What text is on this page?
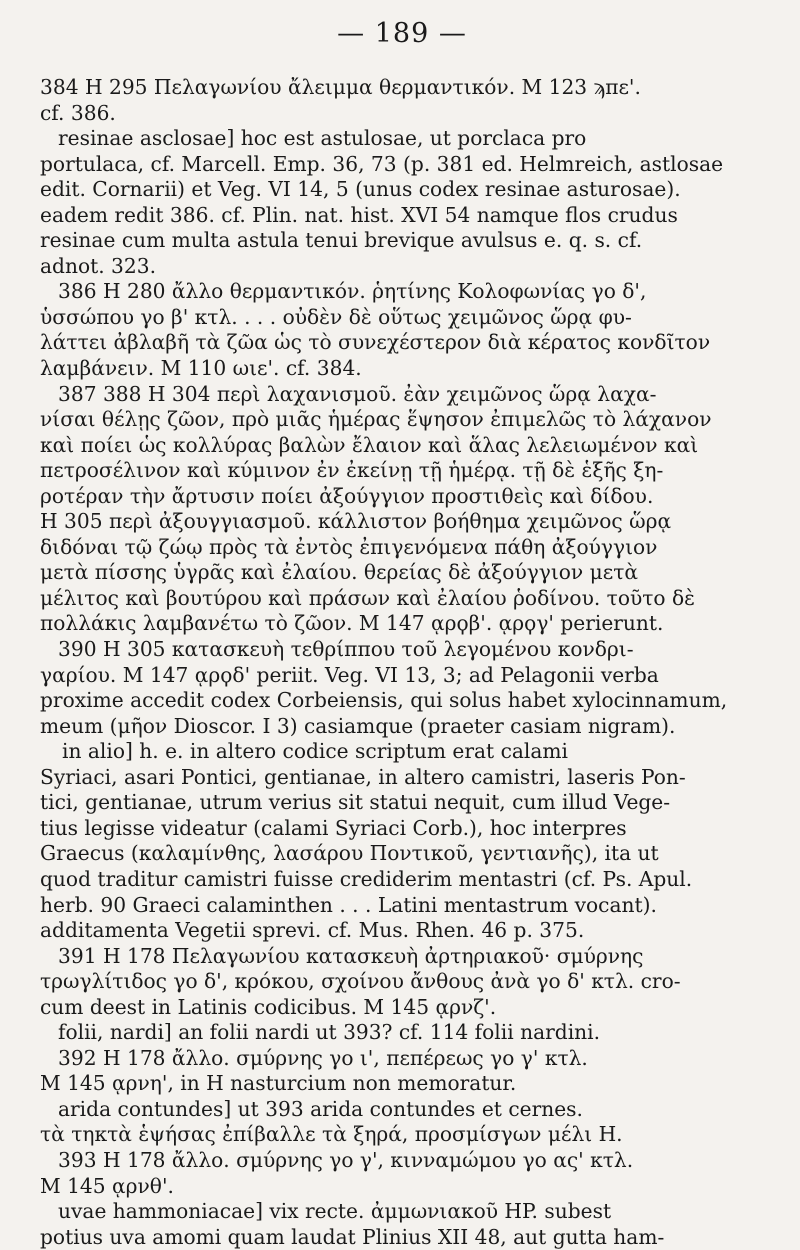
— 189 —
384 H 295 Πελαγωνίου ἄλειμμα θερμαντικόν. M 123 ϡπε'.
cf. 386.
resinae asclosae] hoc est astulosae, ut porclaca pro
portulaca, cf. Marcell. Emp. 36, 73 (p. 381 ed. Helmreich, astlosae
edit. Cornarii) et Veg. VI 14, 5 (unus codex resinae asturosae).
eadem redit 386. cf. Plin. nat. hist. XVI 54 namque flos crudus
resinae cum multa astula tenui brevique avulsus e. q. s. cf.
adnot. 323.
386 H 280 ἄλλο θερμαντικόν. ῥητίνης Κολοφωνίας γο δ',
ὑσσώπου γο β' κτλ. . . . οὐδὲν δὲ οὕτως χειμῶνος ὥρᾳ φυ-
λάττει ἀβλαβῆ τὰ ζῶα ὡς τὸ συνεχέστερον διὰ κέρατος κονδῖτον
λαμβάνειν. M 110 ωιε'. cf. 384.
387 388 H 304 περὶ λαχανισμοῦ. ἐὰν χειμῶνος ὥρᾳ λαχα-
νίσαι θέλῃς ζῶον, πρὸ μιᾶς ἡμέρας ἕψησον ἐπιμελῶς τὸ λάχανον
καὶ ποίει ὡς κολλύρας βαλὼν ἔλαιον καὶ ἅλας λελειωμένον καὶ
πετροσέλινον καὶ κύμινον ἐν ἐκείνῃ τῇ ἡμέρᾳ. τῇ δὲ ἑξῆς ξη-
ροτέραν τὴν ἄρτυσιν ποίει ἀξούγγιον προστιθεὶς καὶ δίδου.
H 305 περὶ ἀξουγγιασμοῦ. κάλλιστον βοήθημα χειμῶνος ὥρᾳ
διδόναι τῷ ζώῳ πρὸς τὰ ἐντὸς ἐπιγενόμενα πάθη ἀξούγγιον
μετὰ πίσσης ὑγρᾶς καὶ ἐλαίου. θερείας δὲ ἀξούγγιον μετὰ
μέλιτος καὶ βουτύρου καὶ πράσων καὶ ἐλαίου ῥοδίνου. τοῦτο δὲ
πολλάκις λαμβανέτω τὸ ζῶον. M 147 ᾳρϙβ'. ᾳρϙγ' perierunt.
390 H 305 κατασκευὴ τεθρίππου τοῦ λεγομένου κονδρι-
γαρίου. M 147 ᾳρϙδ' periit. Veg. VI 13, 3; ad Pelagonii verba
proxime accedit codex Corbeiensis, qui solus habet xylocinnamum,
meum (μῆον Dioscor. I 3) casiamque (praeter casiam nigram).
in alio] h. e. in altero codice scriptum erat calami
Syriaci, asari Pontici, gentianae, in altero camistri, laseris Pon-
tici, gentianae, utrum verius sit statui nequit, cum illud Vege-
tius legisse videatur (calami Syriaci Corb.), hoc interpres
Graecus (καλαμίνθης, λασάρου Ποντικοῦ, γεντιανῆς), ita ut
quod traditur camistri fuisse crediderim mentastri (cf. Ps. Apul.
herb. 90 Graeci calaminthen . . . Latini mentastrum vocant).
additamenta Vegetii sprevi. cf. Mus. Rhen. 46 p. 375.
391 H 178 Πελαγωνίου κατασκευὴ ἀρτηριακοῦ· σμύρνης
τρωγλίτιδος γο δ', κρόκου, σχοίνου ἄνθους ἀνὰ γο δ' κτλ. cro-
cum deest in Latinis codicibus. M 145 ᾳρνζ'.
folii, nardi] an folii nardi ut 393? cf. 114 folii nardini.
392 H 178 ἄλλο. σμύρνης γο ι', πεπέρεως γο γ' κτλ.
M 145 ᾳρνη', in H nasturcium non memoratur.
arida contundes] ut 393 arida contundes et cernes.
τὰ τηκτὰ ἑψήσας ἐπίβαλλε τὰ ξηρά, προσμίσγων μέλι H.
393 H 178 ἄλλο. σμύρνης γο γ', κινναμώμου γο ας' κτλ.
M 145 ᾳρνθ'.
uvae hammoniacae] vix recte. ἀμμωνιακοῦ HP. subest
potius uva amomi quam laudat Plinius XII 48, aut gutta ham-
